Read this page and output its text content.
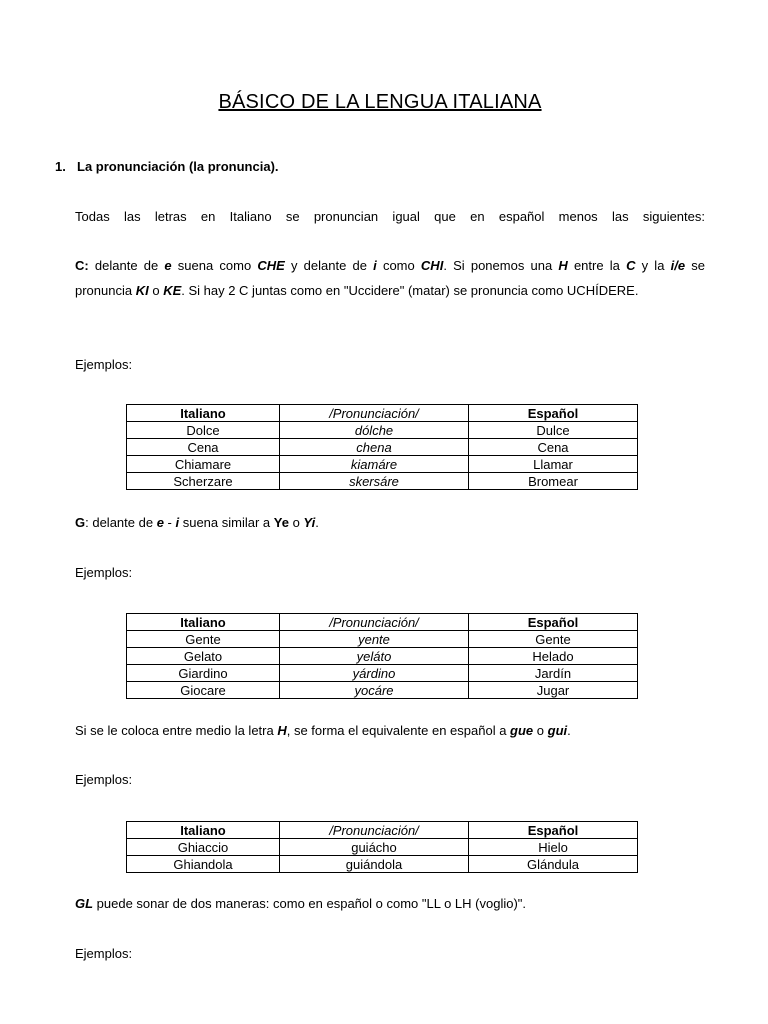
BÁSICO DE LA LENGUA ITALIANA
1. La pronunciación (la pronuncia).
Todas las letras en Italiano se pronuncian igual que en español menos las siguientes:
C: delante de e suena como CHE y delante de i como CHI. Si ponemos una H entre la C y la i/e se pronuncia KI o KE. Si hay 2 C juntas como en "Uccidere" (matar) se pronuncia como UCHÍDERE.
Ejemplos:
Italiano	/Pronunciación/	Español
Dolce	dólche	Dulce
Cena	chena	Cena
Chiamare	kiamáre	Llamar
Scherzare	skersáre	Bromear
G: delante de e - i suena similar a Ye o Yi.
Ejemplos:
Italiano	/Pronunciación/	Español
Gente	yente	Gente
Gelato	yeláto	Helado
Giardino	yárdino	Jardín
Giocare	yocáre	Jugar
Si se le coloca entre medio la letra H, se forma el equivalente en español a gue o gui.
Ejemplos:
Italiano	/Pronunciación/	Español
Ghiaccio	guiácho	Hielo
Ghiandola	guiándola	Glándula
GL puede sonar de dos maneras: como en español o como "LL o LH (voglio)".
Ejemplos:
